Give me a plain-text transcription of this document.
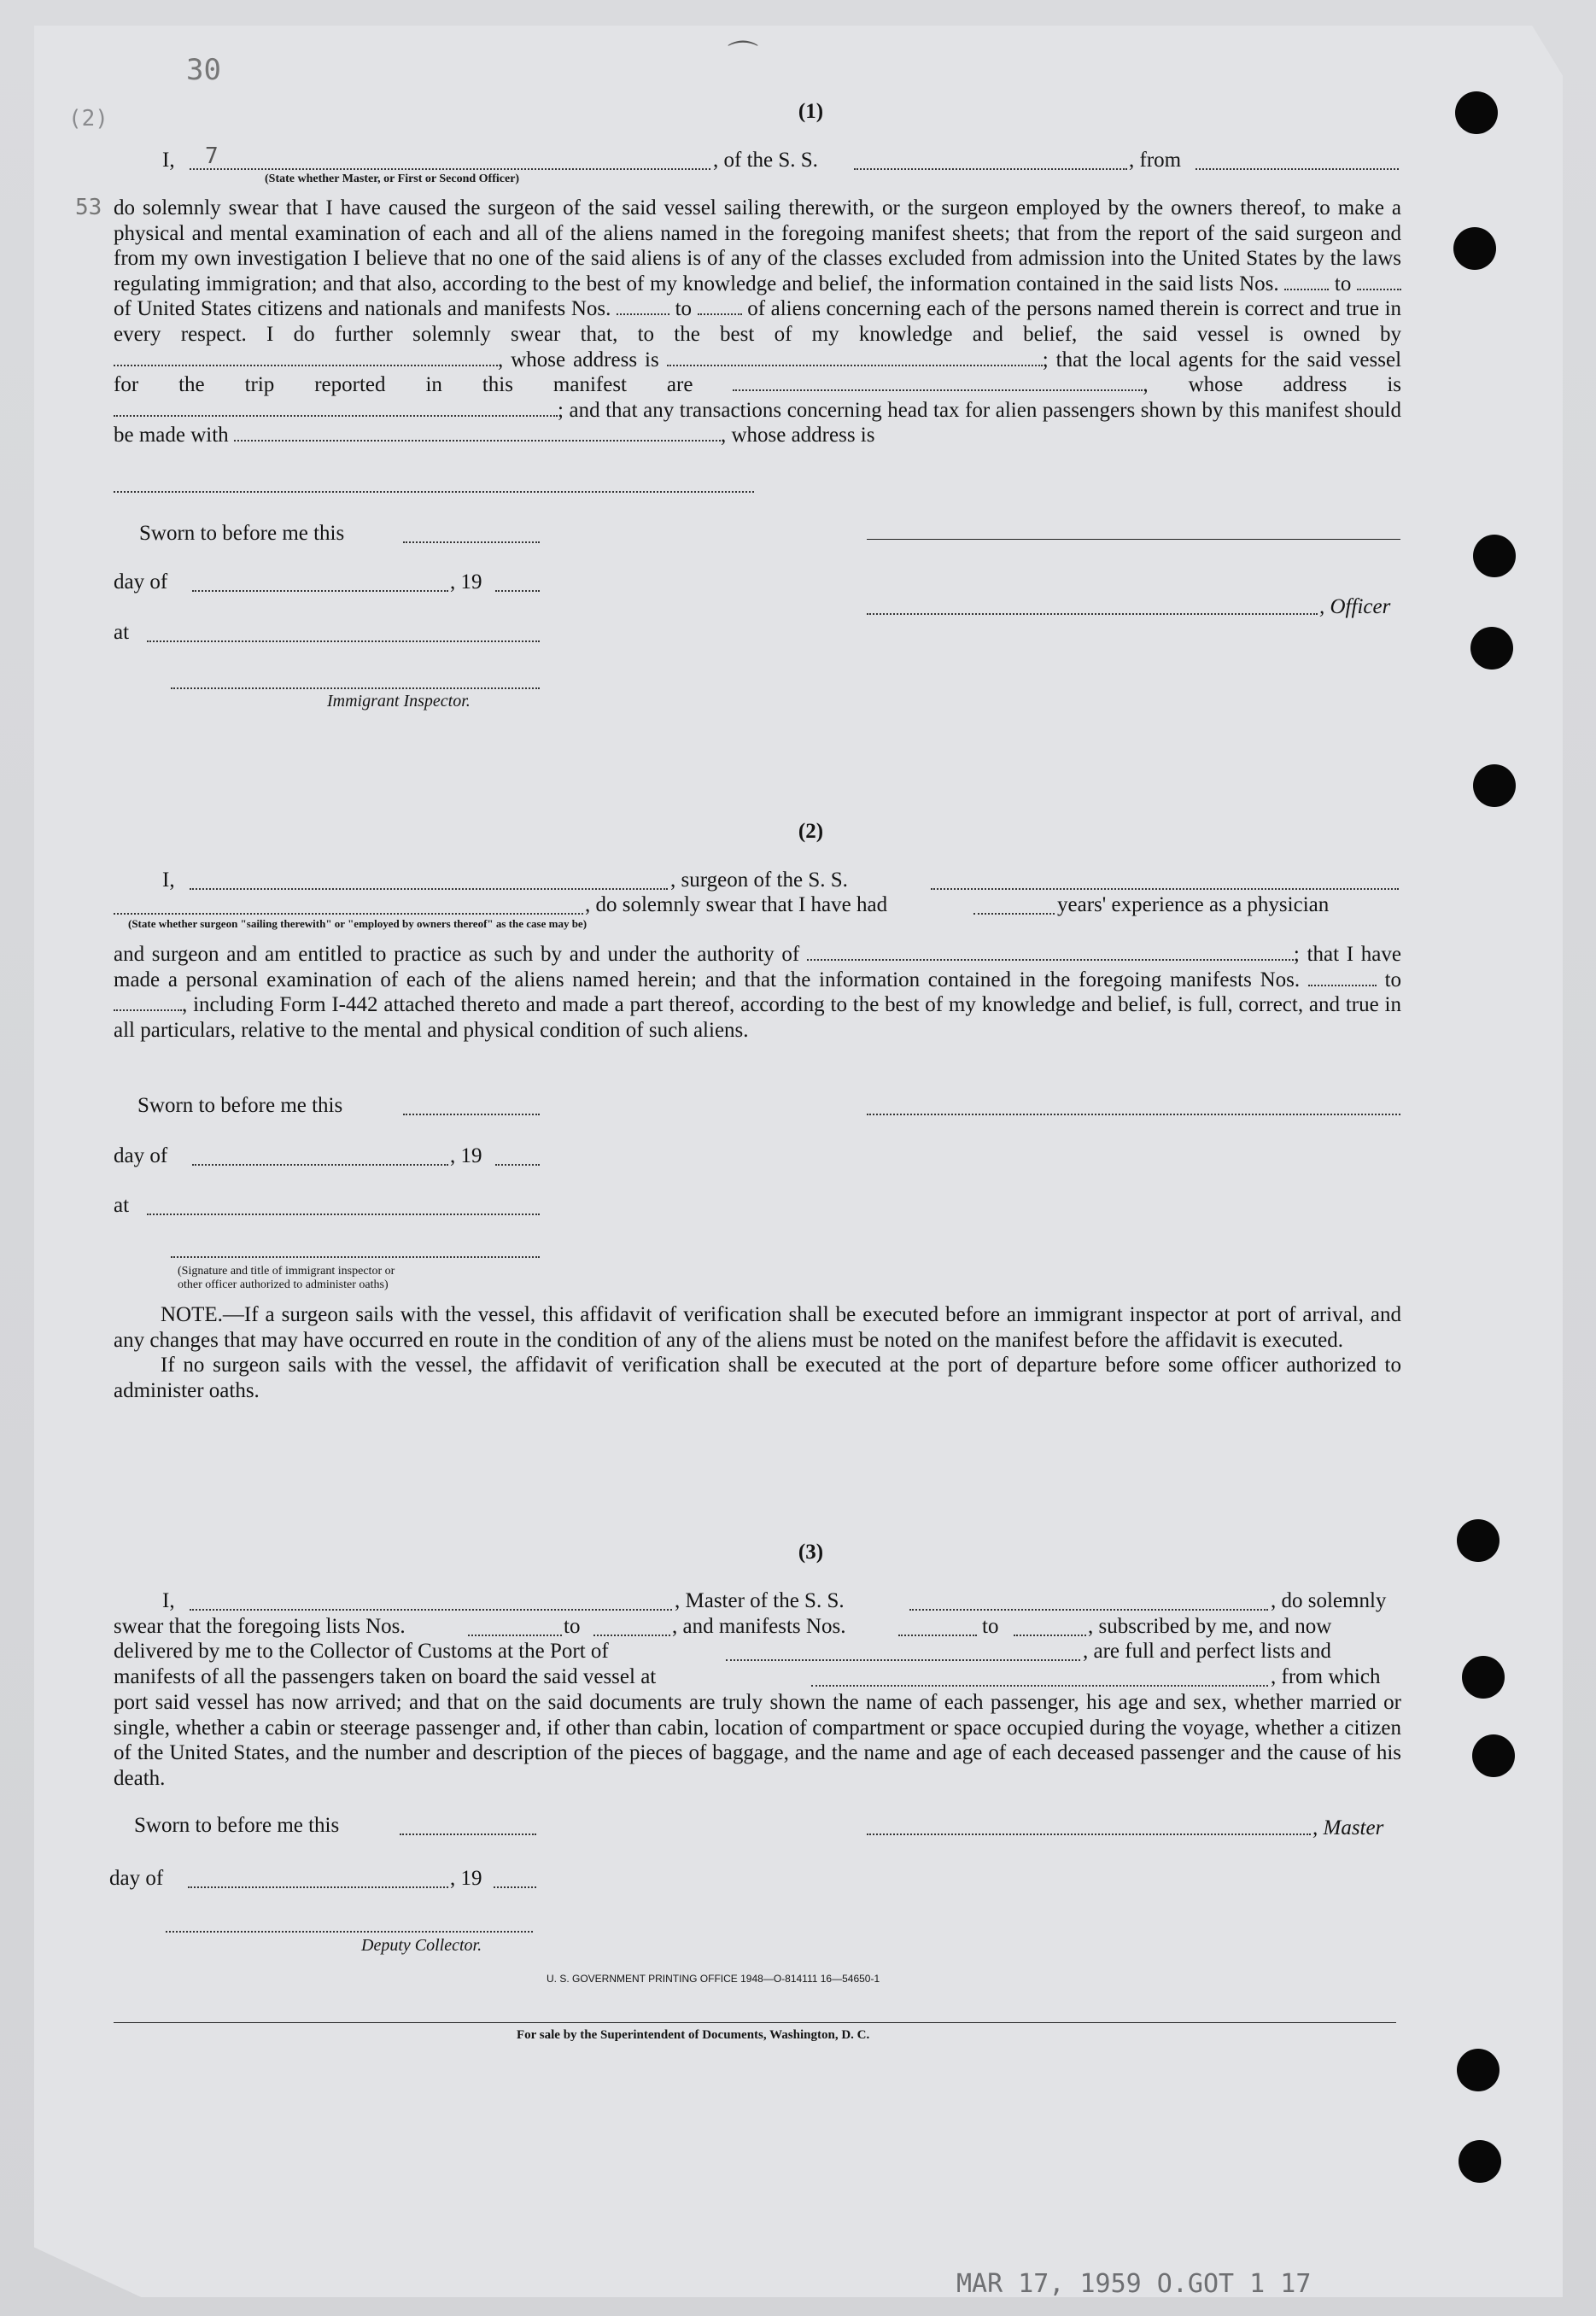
30
(2)
53
7
MAR 17, 1959 O.GOT 1 17
⌒
(1)
I,	, of the S. S.	, from
(State whether Master, or First or Second Officer)

do solemnly swear that I have caused the surgeon of the said vessel sailing therewith, or the surgeon employed by the owners thereof, to make a physical and mental examination of each and all of the aliens named in the foregoing manifest sheets; that from the report of the said surgeon and from my own investigation I believe that no one of the said aliens is of any of the classes excluded from admission into the United States by the laws regulating immigration; and that also, according to the best of my knowledge and belief, the information contained in the said lists Nos.	to  of United States citizens and nationals and manifests Nos.	to	of aliens concerning each of the persons named therein is correct and true in every respect. I do further solemnly swear that, to the best of my knowledge and belief, the said vessel is owned by , whose address is	; that the local agents for the said vessel for the trip reported in this manifest are	, whose address is ; and that any transactions concerning head tax for alien passengers shown by this manifest should be made with	, whose address is

Sworn to before me this
day of	, 19
, Officer
at
Immigrant Inspector.
(2)
I,	, surgeon of the S. S.
, do solemnly swear that I have had	years' experience as a physician
(State whether surgeon "sailing therewith" or "employed by owners thereof" as the case may be)

and surgeon and am entitled to practice as such by and under the authority of	; that I have made a personal examination of each of the aliens named herein; and that the information contained in the foregoing manifests Nos.	to , including Form I-442 attached thereto and made a part thereof, according to the best of my knowledge and belief, is full, correct, and true in all particulars, relative to the mental and physical condition of such aliens.

Sworn to before me this
day of	, 19
at
(Signature and title of immigrant inspector or
other officer authorized to administer oaths)

NOTE.—If a surgeon sails with the vessel, this affidavit of verification shall be executed before an immigrant inspector at port of arrival, and any changes that may have occurred en route in the condition of any of the aliens must be noted on the manifest before the affidavit is executed.

If no surgeon sails with the vessel, the affidavit of verification shall be executed at the port of departure before some officer authorized to administer oaths.

(3)
I,	, Master of the S. S.	, do solemnly
swear that the foregoing lists Nos.	to	, and manifests Nos.	to	, subscribed by me, and now
delivered by me to the Collector of Customs at the Port of	, are full and perfect lists and
manifests of all the passengers taken on board the said vessel at	, from which
port said vessel has now arrived; and that on the said documents are truly shown the name of each passenger, his age and sex, whether married or single, whether a cabin or steerage passenger and, if other than cabin, location of compartment or space occupied during the voyage, whether a citizen of the United States, and the number and description of the pieces of baggage, and the name and age of each deceased passenger and the cause of his death.
Sworn to before me this	, Master
day of	, 19
Deputy Collector.
U. S. GOVERNMENT PRINTING OFFICE 1948—O-814111 16—54650-1
For sale by the Superintendent of Documents, Washington, D. C.
